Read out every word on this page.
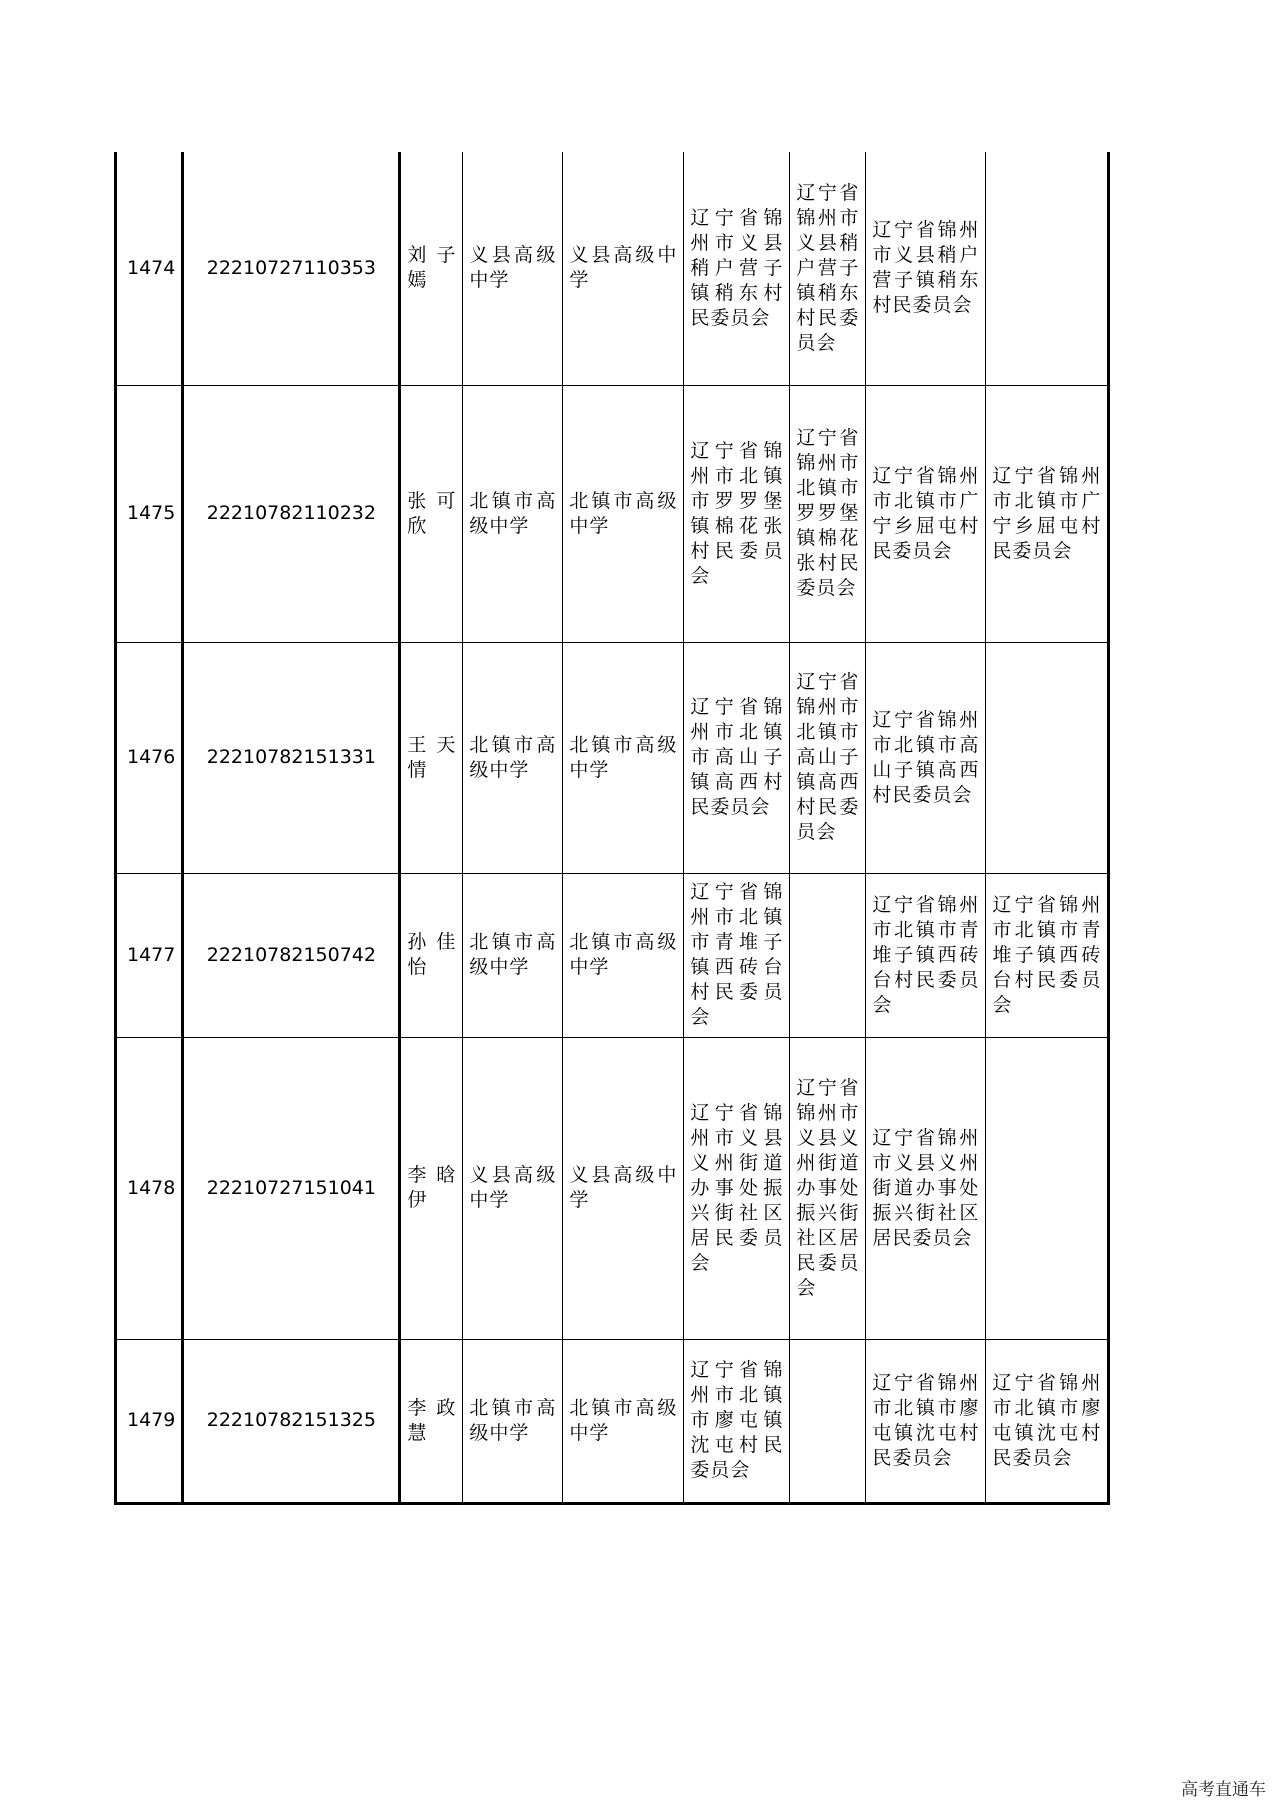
1474	22210727110353	刘子嫣	义县高级中学	义县高级中学	辽宁省锦州市义县稍户营子镇稍东村民委员会	辽宁省锦州市义县稍户营子镇稍东村民委员会	辽宁省锦州市义县稍户营子镇稍东村民委员会	
1475	22210782110232	张可欣	北镇市高级中学	北镇市高级中学	辽宁省锦州市北镇市罗罗堡镇棉花张村民委员会	辽宁省锦州市北镇市罗罗堡镇棉花张村民委员会	辽宁省锦州市北镇市广宁乡屈屯村民委员会	辽宁省锦州市北镇市广宁乡屈屯村民委员会
1476	22210782151331	王天情	北镇市高级中学	北镇市高级中学	辽宁省锦州市北镇市高山子镇高西村民委员会	辽宁省锦州市北镇市高山子镇高西村民委员会	辽宁省锦州市北镇市高山子镇高西村民委员会	
1477	22210782150742	孙佳怡	北镇市高级中学	北镇市高级中学	辽宁省锦州市北镇市青堆子镇西砖台村民委员会		辽宁省锦州市北镇市青堆子镇西砖台村民委员会	辽宁省锦州市北镇市青堆子镇西砖台村民委员会
1478	22210727151041	李晗伊	义县高级中学	义县高级中学	辽宁省锦州市义县义州街道办事处振兴街社区居民委员会	辽宁省锦州市义县义州街道办事处振兴街社区居民委员会	辽宁省锦州市义县义州街道办事处振兴街社区居民委员会	
1479	22210782151325	李政慧	北镇市高级中学	北镇市高级中学	辽宁省锦州市北镇市廖屯镇沈屯村民委员会		辽宁省锦州市北镇市廖屯镇沈屯村民委员会	辽宁省锦州市北镇市廖屯镇沈屯村民委员会
高考直通车
